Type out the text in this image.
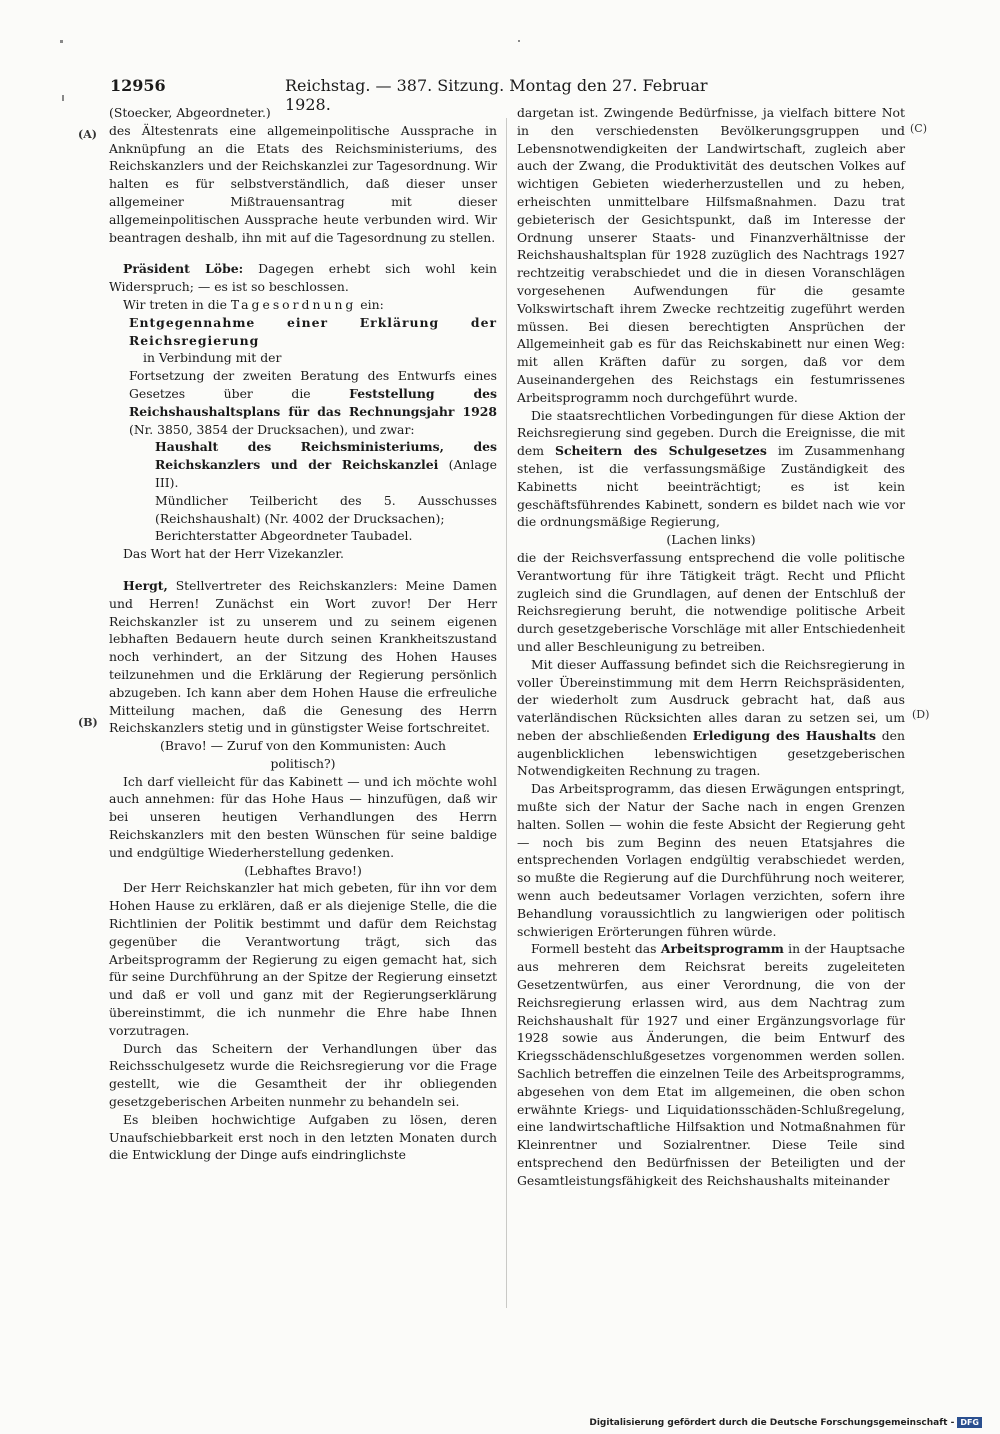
12956	Reichstag. — 387. Sitzung. Montag den 27. Februar 1928.
(A)
(B)
(C)
(D)

(Stoecker, Abgeordneter.)

des Ältestenrats eine allgemeinpolitische Aussprache in Anknüpfung an die Etats des Reichsministeriums, des Reichskanzlers und der Reichskanzlei zur Tagesordnung. Wir halten es für selbstverständlich, daß dieser unser allgemeiner Mißtrauensantrag mit dieser allgemeinpolitischen Aussprache heute verbunden wird. Wir beantragen deshalb, ihn mit auf die Tagesordnung zu stellen.

Präsident Löbe: Dagegen erhebt sich wohl kein Widerspruch; — es ist so beschlossen.

Wir treten in die Tagesordnung ein:

Entgegennahme einer Erklärung der Reichsregierung

in Verbindung mit der

Fortsetzung der zweiten Beratung des Entwurfs eines Gesetzes über die Feststellung des Reichshaushaltsplans für das Rechnungsjahr 1928 (Nr. 3850, 3854 der Drucksachen), und zwar:

Haushalt des Reichsministeriums, des Reichskanzlers und der Reichskanzlei (Anlage III).

Mündlicher Teilbericht des 5. Ausschusses (Reichshaushalt) (Nr. 4002 der Drucksachen);

Berichterstatter Abgeordneter Taubadel.

Das Wort hat der Herr Vizekanzler.

Hergt, Stellvertreter des Reichskanzlers: Meine Damen und Herren! Zunächst ein Wort zuvor! Der Herr Reichskanzler ist zu unserem und zu seinem eigenen lebhaften Bedauern heute durch seinen Krankheitszustand noch verhindert, an der Sitzung des Hohen Hauses teilzunehmen und die Erklärung der Regierung persönlich abzugeben. Ich kann aber dem Hohen Hause die erfreuliche Mitteilung machen, daß die Genesung des Herrn Reichskanzlers stetig und in günstigster Weise fortschreitet.

(Bravo! — Zuruf von den Kommunisten: Auch politisch?)

Ich darf vielleicht für das Kabinett — und ich möchte wohl auch annehmen: für das Hohe Haus — hinzufügen, daß wir bei unseren heutigen Verhandlungen des Herrn Reichskanzlers mit den besten Wünschen für seine baldige und endgültige Wiederherstellung gedenken.

(Lebhaftes Bravo!)

Der Herr Reichskanzler hat mich gebeten, für ihn vor dem Hohen Hause zu erklären, daß er als diejenige Stelle, die die Richtlinien der Politik bestimmt und dafür dem Reichstag gegenüber die Verantwortung trägt, sich das Arbeitsprogramm der Regierung zu eigen gemacht hat, sich für seine Durchführung an der Spitze der Regierung einsetzt und daß er voll und ganz mit der Regierungserklärung übereinstimmt, die ich nunmehr die Ehre habe Ihnen vorzutragen.

Durch das Scheitern der Verhandlungen über das Reichsschulgesetz wurde die Reichsregierung vor die Frage gestellt, wie die Gesamtheit der ihr obliegenden gesetzgeberischen Arbeiten nunmehr zu behandeln sei.

Es bleiben hochwichtige Aufgaben zu lösen, deren Unaufschiebbarkeit erst noch in den letzten Monaten durch die Entwicklung der Dinge aufs eindringlichste

dargetan ist. Zwingende Bedürfnisse, ja vielfach bittere Not in den verschiedensten Bevölkerungsgruppen und Lebensnotwendigkeiten der Landwirtschaft, zugleich aber auch der Zwang, die Produktivität des deutschen Volkes auf wichtigen Gebieten wiederherzustellen und zu heben, erheischten unmittelbare Hilfsmaßnahmen. Dazu trat gebieterisch der Gesichtspunkt, daß im Interesse der Ordnung unserer Staats- und Finanzverhältnisse der Reichshaushaltsplan für 1928 zuzüglich des Nachtrags 1927 rechtzeitig verabschiedet und die in diesen Voranschlägen vorgesehenen Aufwendungen für die gesamte Volkswirtschaft ihrem Zwecke rechtzeitig zugeführt werden müssen. Bei diesen berechtigten Ansprüchen der Allgemeinheit gab es für das Reichskabinett nur einen Weg: mit allen Kräften dafür zu sorgen, daß vor dem Auseinandergehen des Reichstags ein festumrissenes Arbeitsprogramm noch durchgeführt wurde.

Die staatsrechtlichen Vorbedingungen für diese Aktion der Reichsregierung sind gegeben. Durch die Ereignisse, die mit dem Scheitern des Schulgesetzes im Zusammenhang stehen, ist die verfassungsmäßige Zuständigkeit des Kabinetts nicht beeinträchtigt; es ist kein geschäftsführendes Kabinett, sondern es bildet nach wie vor die ordnungsmäßige Regierung,

(Lachen links)

die der Reichsverfassung entsprechend die volle politische Verantwortung für ihre Tätigkeit trägt. Recht und Pflicht zugleich sind die Grundlagen, auf denen der Entschluß der Reichsregierung beruht, die notwendige politische Arbeit durch gesetzgeberische Vorschläge mit aller Entschiedenheit und aller Beschleunigung zu betreiben.

Mit dieser Auffassung befindet sich die Reichsregierung in voller Übereinstimmung mit dem Herrn Reichspräsidenten, der wiederholt zum Ausdruck gebracht hat, daß aus vaterländischen Rücksichten alles daran zu setzen sei, um neben der abschließenden Erledigung des Haushalts den augenblicklichen lebenswichtigen gesetzgeberischen Notwendigkeiten Rechnung zu tragen.

Das Arbeitsprogramm, das diesen Erwägungen entspringt, mußte sich der Natur der Sache nach in engen Grenzen halten. Sollen — wohin die feste Absicht der Regierung geht — noch bis zum Beginn des neuen Etatsjahres die entsprechenden Vorlagen endgültig verabschiedet werden, so mußte die Regierung auf die Durchführung noch weiterer, wenn auch bedeutsamer Vorlagen verzichten, sofern ihre Behandlung voraussichtlich zu langwierigen oder politisch schwierigen Erörterungen führen würde.

Formell besteht das Arbeitsprogramm in der Hauptsache aus mehreren dem Reichsrat bereits zugeleiteten Gesetzentwürfen, aus einer Verordnung, die von der Reichsregierung erlassen wird, aus dem Nachtrag zum Reichshaushalt für 1927 und einer Ergänzungsvorlage für 1928 sowie aus Änderungen, die beim Entwurf des Kriegsschädenschlußgesetzes vorgenommen werden sollen. Sachlich betreffen die einzelnen Teile des Arbeitsprogramms, abgesehen von dem Etat im allgemeinen, die oben schon erwähnte Kriegs- und Liquidationsschäden-Schlußregelung, eine landwirtschaftliche Hilfsaktion und Notmaßnahmen für Kleinrentner und Sozialrentner. Diese Teile sind entsprechend den Bedürfnissen der Beteiligten und der Gesamtleistungsfähigkeit des Reichshaushalts miteinander

Digitalisierung gefördert durch die Deutsche Forschungsgemeinschaft - DFG
